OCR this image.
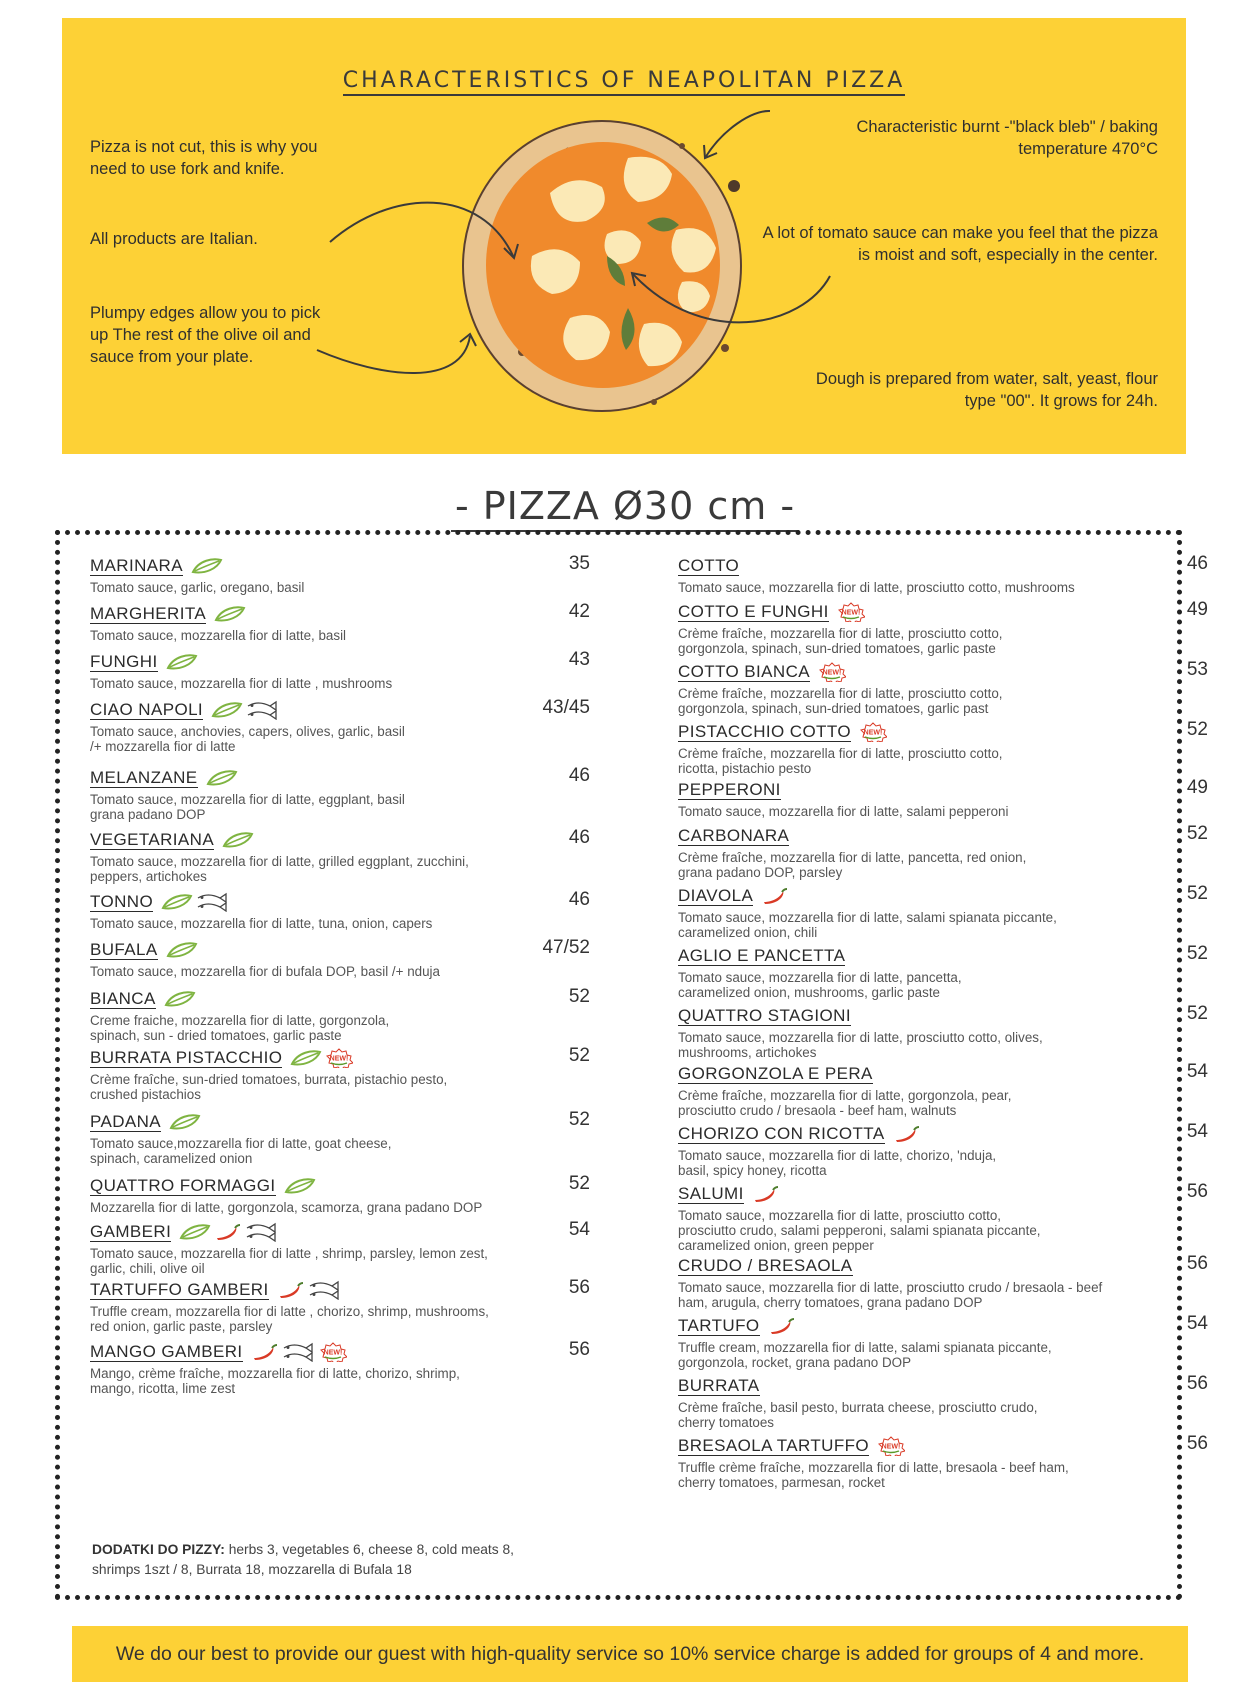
CHARACTERISTICS OF NEAPOLITAN PIZZA
Pizza is not cut, this is why you need to use fork and knife.
All products are Italian.
Plumpy edges allow you to pick up The rest of the olive oil and sauce from your plate.
Characteristic burnt -"black bleb" / baking temperature 470°C
A lot of tomato sauce can make you feel that the pizza is moist and soft, especially in the center.
Dough is prepared from water, salt, yeast, flour type "00". It grows for 24h.
- PIZZA Ø30 cm -
MARINARA
Tomato sauce, garlic, oregano, basil
35
MARGHERITA
Tomato sauce, mozzarella fior di latte, basil
42
FUNGHI
Tomato sauce, mozzarella fior di latte , mushrooms
43
CIAO NAPOLI
Tomato sauce, anchovies, capers, olives, garlic, basil
/+ mozzarella fior di latte
43/45
MELANZANE
Tomato sauce, mozzarella fior di latte, eggplant, basil
grana padano DOP
46
VEGETARIANA
Tomato sauce, mozzarella fior di latte, grilled eggplant, zucchini,
peppers, artichokes
46
TONNO
Tomato sauce, mozzarella fior di latte, tuna, onion, capers
46
BUFALA
Tomato sauce, mozzarella fior di bufala DOP, basil /+ nduja
47/52
BIANCA
Creme fraiche, mozzarella fior di latte, gorgonzola,
spinach, sun - dried tomatoes, garlic paste
52
BURRATA PISTACCHIO	NEW!
Crème fraîche, sun-dried tomatoes, burrata, pistachio pesto,
crushed pistachios
52
PADANA
Tomato sauce,mozzarella fior di latte, goat cheese,
spinach, caramelized onion
52
QUATTRO FORMAGGI
Mozzarella fior di latte, gorgonzola, scamorza, grana padano DOP
52
GAMBERI
Tomato sauce, mozzarella fior di latte , shrimp, parsley, lemon zest,
garlic, chili, olive oil
54
TARTUFFO GAMBERI
Truffle cream, mozzarella fior di latte , chorizo, shrimp, mushrooms,
red onion, garlic paste, parsley
56
MANGO GAMBERI	NEW!
Mango, crème fraîche, mozzarella fior di latte, chorizo, shrimp,
mango, ricotta, lime zest
56
COTTO
Tomato sauce, mozzarella fior di latte, prosciutto cotto, mushrooms
46
COTTO E FUNGHI NEW!
Crème fraîche, mozzarella fior di latte, prosciutto cotto,
gorgonzola, spinach, sun-dried tomatoes, garlic paste
49
COTTO BIANCA NEW!
Crème fraîche, mozzarella fior di latte, prosciutto cotto,
gorgonzola, spinach, sun-dried tomatoes, garlic past
53
PISTACCHIO COTTO NEW!
Crème fraîche, mozzarella fior di latte, prosciutto cotto,
ricotta, pistachio pesto
52
PEPPERONI
Tomato sauce, mozzarella fior di latte, salami pepperoni
49
CARBONARA
Crème fraîche, mozzarella fior di latte, pancetta, red onion,
grana padano DOP, parsley
52
DIAVOLA
Tomato sauce, mozzarella fior di latte, salami spianata piccante,
caramelized onion, chili
52
AGLIO E PANCETTA
Tomato sauce, mozzarella fior di latte, pancetta,
caramelized onion, mushrooms, garlic paste
52
QUATTRO STAGIONI
Tomato sauce, mozzarella fior di latte, prosciutto cotto, olives,
mushrooms, artichokes
52
GORGONZOLA E PERA
Crème fraîche, mozzarella fior di latte, gorgonzola, pear,
prosciutto crudo / bresaola - beef ham, walnuts
54
CHORIZO CON RICOTTA
Tomato sauce, mozzarella fior di latte, chorizo, 'nduja,
basil, spicy honey, ricotta
54
SALUMI
Tomato sauce, mozzarella fior di latte, prosciutto cotto,
prosciutto crudo, salami pepperoni, salami spianata piccante,
caramelized onion, green pepper
56
CRUDO / BRESAOLA
Tomato sauce, mozzarella fior di latte, prosciutto crudo / bresaola - beef
ham, arugula, cherry tomatoes, grana padano DOP
56
TARTUFO
Truffle cream, mozzarella fior di latte, salami spianata piccante,
gorgonzola, rocket, grana padano DOP
54
BURRATA
Crème fraîche, basil pesto, burrata cheese, prosciutto crudo,
cherry tomatoes
56
BRESAOLA TARTUFFO NEW!
Truffle crème fraîche, mozzarella fior di latte, bresaola - beef ham,
cherry tomatoes, parmesan, rocket
56
DODATKI DO PIZZY: herbs 3, vegetables 6, cheese 8, cold meats 8,
shrimps 1szt / 8, Burrata 18, mozzarella di Bufala 18
We do our best to provide our guest with high-quality service so 10% service charge is added for groups of 4 and more.
